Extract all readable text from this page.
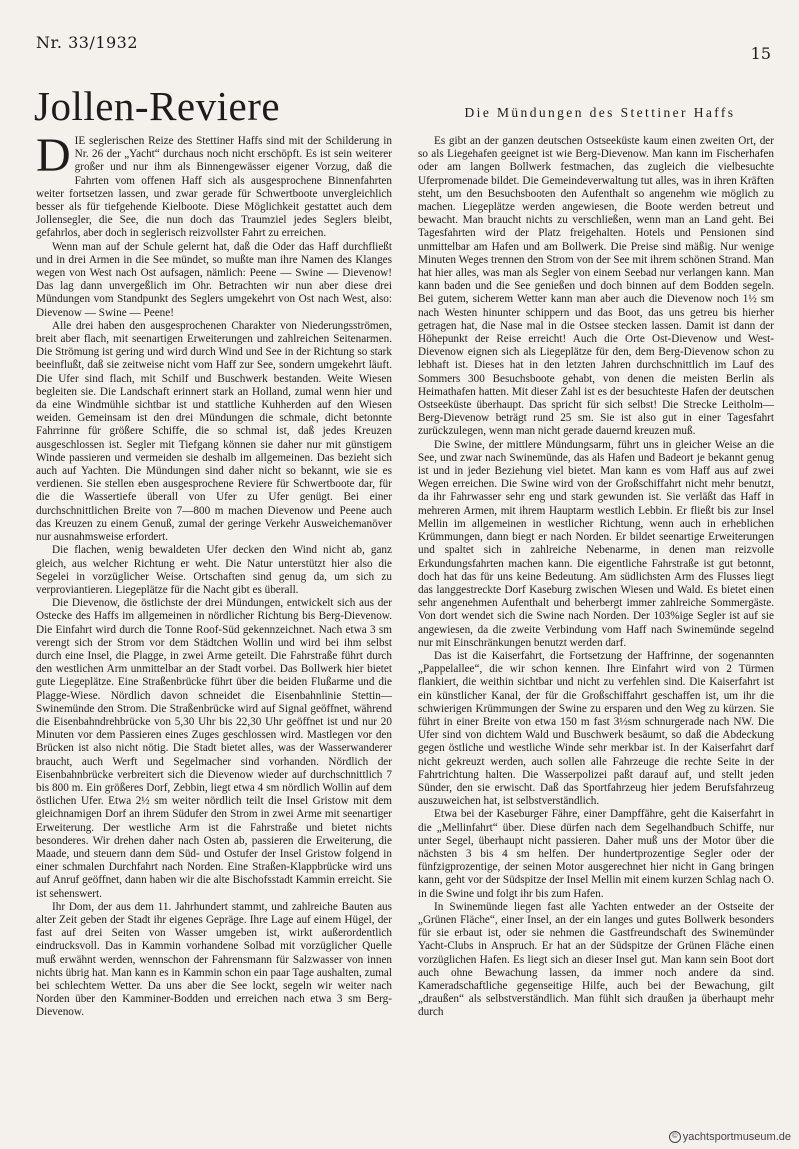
Nr. 33/1932
15
Jollen-Reviere	Die Mündungen des Stettiner Haffs
D IE seglerischen Reize des Stettiner Haffs sind mit der Schilderung in Nr. 26 der „Yacht“ durchaus noch nicht erschöpft. Es ist sein weiterer großer und nur ihm als Binnengewässer eigener Vorzug, daß die Fahrten vom offenen Haff sich als ausgesprochene Binnenfahrten weiter fortsetzen lassen, und zwar gerade für Schwertboote unvergleichlich besser als für tiefgehende Kielboote. Diese Möglichkeit gestattet auch dem Jollensegler, die See, die nun doch das Traumziel jedes Seglers bleibt, gefahrlos, aber doch in seglerisch reizvollster Fahrt zu erreichen.

Wenn man auf der Schule gelernt hat, daß die Oder das Haff durchfließt und in drei Armen in die See mündet, so mußte man ihre Namen des Klanges wegen von West nach Ost aufsagen, nämlich: Peene — Swine — Dievenow! Das lag dann unvergeßlich im Ohr. Betrachten wir nun aber diese drei Mündungen vom Standpunkt des Seglers umgekehrt von Ost nach West, also: Dievenow — Swine — Peene!

Alle drei haben den ausgesprochenen Charakter von Niederungsströmen, breit aber flach, mit seenartigen Erweiterungen und zahlreichen Seitenarmen. Die Strömung ist gering und wird durch Wind und See in der Richtung so stark beeinflußt, daß sie zeitweise nicht vom Haff zur See, sondern umgekehrt läuft. Die Ufer sind flach, mit Schilf und Buschwerk bestanden. Weite Wiesen begleiten sie. Die Landschaft erinnert stark an Holland, zumal wenn hier und da eine Windmühle sichtbar ist und stattliche Kuhherden auf den Wiesen weiden. Gemeinsam ist den drei Mündungen die schmale, dicht betonnte Fahrrinne für größere Schiffe, die so schmal ist, daß jedes Kreuzen ausgeschlossen ist. Segler mit Tiefgang können sie daher nur mit günstigem Winde passieren und vermeiden sie deshalb im allgemeinen. Das bezieht sich auch auf Yachten. Die Mündungen sind daher nicht so bekannt, wie sie es verdienen. Sie stellen eben ausgesprochene Reviere für Schwertboote dar, für die die Wassertiefe überall von Ufer zu Ufer genügt. Bei einer durchschnittlichen Breite von 7—800 m machen Dievenow und Peene auch das Kreuzen zu einem Genuß, zumal der geringe Verkehr Ausweichemanöver nur ausnahmsweise erfordert.

Die flachen, wenig bewaldeten Ufer decken den Wind nicht ab, ganz gleich, aus welcher Richtung er weht. Die Natur unterstützt hier also die Segelei in vorzüglicher Weise. Ortschaften sind genug da, um sich zu verproviantieren. Liegeplätze für die Nacht gibt es überall.

Die Dievenow, die östlichste der drei Mündungen, entwickelt sich aus der Ostecke des Haffs im allgemeinen in nördlicher Richtung bis Berg-Dievenow. Die Einfahrt wird durch die Tonne Roof-Süd gekennzeichnet. Nach etwa 3 sm verengt sich der Strom vor dem Städtchen Wollin und wird bei ihm selbst durch eine Insel, die Plagge, in zwei Arme geteilt. Die Fahrstraße führt durch den westlichen Arm unmittelbar an der Stadt vorbei. Das Bollwerk hier bietet gute Liegeplätze. Eine Straßenbrücke führt über die beiden Flußarme und die Plagge-Wiese. Nördlich davon schneidet die Eisenbahnlinie Stettin—Swinemünde den Strom. Die Straßenbrücke wird auf Signal geöffnet, während die Eisenbahndrehbrücke von 5,30 Uhr bis 22,30 Uhr geöffnet ist und nur 20 Minuten vor dem Passieren eines Zuges geschlossen wird. Mastlegen vor den Brücken ist also nicht nötig. Die Stadt bietet alles, was der Wasserwanderer braucht, auch Werft und Segelmacher sind vorhanden. Nördlich der Eisenbahnbrücke verbreitert sich die Dievenow wieder auf durchschnittlich 7 bis 800 m. Ein größeres Dorf, Zebbin, liegt etwa 4 sm nördlich Wollin auf dem östlichen Ufer. Etwa 2½ sm weiter nördlich teilt die Insel Gristow mit dem gleichnamigen Dorf an ihrem Südufer den Strom in zwei Arme mit seenartiger Erweiterung. Der westliche Arm ist die Fahrstraße und bietet nichts besonderes. Wir drehen daher nach Osten ab, passieren die Erweiterung, die Maade, und steuern dann dem Süd- und Ostufer der Insel Gristow folgend in einer schmalen Durchfahrt nach Norden. Eine Straßen-Klappbrücke wird uns auf Anruf geöffnet, dann haben wir die alte Bischofsstadt Kammin erreicht. Sie ist sehenswert.

Ihr Dom, der aus dem 11. Jahrhundert stammt, und zahlreiche Bauten aus alter Zeit geben der Stadt ihr eigenes Gepräge. Ihre Lage auf einem Hügel, der fast auf drei Seiten von Wasser umgeben ist, wirkt außerordentlich eindrucksvoll. Das in Kammin vorhandene Solbad mit vorzüglicher Quelle muß erwähnt werden, wennschon der Fahrensmann für Salzwasser von innen nichts übrig hat. Man kann es in Kammin schon ein paar Tage aushalten, zumal bei schlechtem Wetter. Da uns aber die See lockt, segeln wir weiter nach Norden über den Kamminer-Bodden und erreichen nach etwa 3 sm Berg-Dievenow.

Es gibt an der ganzen deutschen Ostseeküste kaum einen zweiten Ort, der so als Liegehafen geeignet ist wie Berg-Dievenow. Man kann im Fischerhafen oder am langen Bollwerk festmachen, das zugleich die vielbesuchte Uferpromenade bildet. Die Gemeindeverwaltung tut alles, was in ihren Kräften steht, um den Besuchsbooten den Aufenthalt so angenehm wie möglich zu machen. Liegeplätze werden angewiesen, die Boote werden betreut und bewacht. Man braucht nichts zu verschließen, wenn man an Land geht. Bei Tagesfahrten wird der Platz freigehalten. Hotels und Pensionen sind unmittelbar am Hafen und am Bollwerk. Die Preise sind mäßig. Nur wenige Minuten Weges trennen den Strom von der See mit ihrem schönen Strand. Man hat hier alles, was man als Segler von einem Seebad nur verlangen kann. Man kann baden und die See genießen und doch binnen auf dem Bodden segeln. Bei gutem, sicherem Wetter kann man aber auch die Dievenow noch 1½ sm nach Westen hinunter schippern und das Boot, das uns getreu bis hierher getragen hat, die Nase mal in die Ostsee stecken lassen. Damit ist dann der Höhepunkt der Reise erreicht! Auch die Orte Ost-Dievenow und West-Dievenow eignen sich als Liegeplätze für den, dem Berg-Dievenow schon zu lebhaft ist. Dieses hat in den letzten Jahren durchschnittlich im Lauf des Sommers 300 Besuchsboote gehabt, von denen die meisten Berlin als Heimathafen hatten. Mit dieser Zahl ist es der besuchteste Hafen der deutschen Ostseeküste überhaupt. Das spricht für sich selbst! Die Strecke Leitholm—Berg-Dievenow beträgt rund 25 sm. Sie ist also gut in einer Tagesfahrt zurückzulegen, wenn man nicht gerade dauernd kreuzen muß.

Die Swine, der mittlere Mündungsarm, führt uns in gleicher Weise an die See, und zwar nach Swinemünde, das als Hafen und Badeort je bekannt genug ist und in jeder Beziehung viel bietet. Man kann es vom Haff aus auf zwei Wegen erreichen. Die Swine wird von der Großschiffahrt nicht mehr benutzt, da ihr Fahrwasser sehr eng und stark gewunden ist. Sie verläßt das Haff in mehreren Armen, mit ihrem Hauptarm westlich Lebbin. Er fließt bis zur Insel Mellin im allgemeinen in westlicher Richtung, wenn auch in erheblichen Krümmungen, dann biegt er nach Norden. Er bildet seenartige Erweiterungen und spaltet sich in zahlreiche Nebenarme, in denen man reizvolle Erkundungsfahrten machen kann. Die eigentliche Fahrstraße ist gut betonnt, doch hat das für uns keine Bedeutung. Am südlichsten Arm des Flusses liegt das langgestreckte Dorf Kaseburg zwischen Wiesen und Wald. Es bietet einen sehr angenehmen Aufenthalt und beherbergt immer zahlreiche Sommergäste. Von dort wendet sich die Swine nach Norden. Der 103%ige Segler ist auf sie angewiesen, da die zweite Verbindung vom Haff nach Swinemünde segelnd nur mit Einschränkungen benutzt werden darf.

Das ist die Kaiserfahrt, die Fortsetzung der Haffrinne, der sogenannten „Pappelallee“, die wir schon kennen. Ihre Einfahrt wird von 2 Türmen flankiert, die weithin sichtbar und nicht zu verfehlen sind. Die Kaiserfahrt ist ein künstlicher Kanal, der für die Großschiffahrt geschaffen ist, um ihr die schwierigen Krümmungen der Swine zu ersparen und den Weg zu kürzen. Sie führt in einer Breite von etwa 150 m fast 3½sm schnurgerade nach NW. Die Ufer sind von dichtem Wald und Buschwerk besäumt, so daß die Abdeckung gegen östliche und westliche Winde sehr merkbar ist. In der Kaiserfahrt darf nicht gekreuzt werden, auch sollen alle Fahrzeuge die rechte Seite in der Fahrtrichtung halten. Die Wasserpolizei paßt darauf auf, und stellt jeden Sünder, den sie erwischt. Daß das Sportfahrzeug hier jedem Berufsfahrzeug auszuweichen hat, ist selbstverständlich.

Etwa bei der Kaseburger Fähre, einer Dampffähre, geht die Kaiserfahrt in die „Mellinfahrt“ über. Diese dürfen nach dem Segelhandbuch Schiffe, nur unter Segel, überhaupt nicht passieren. Daher muß uns der Motor über die nächsten 3 bis 4 sm helfen. Der hundertprozentige Segler oder der fünfzigprozentige, der seinen Motor ausgerechnet hier nicht in Gang bringen kann, geht vor der Südspitze der Insel Mellin mit einem kurzen Schlag nach O. in die Swine und folgt ihr bis zum Hafen.

In Swinemünde liegen fast alle Yachten entweder an der Ostseite der „Grünen Fläche“, einer Insel, an der ein langes und gutes Bollwerk besonders für sie erbaut ist, oder sie nehmen die Gastfreundschaft des Swinemünder Yacht-Clubs in Anspruch. Er hat an der Südspitze der Grünen Fläche einen vorzüglichen Hafen. Es liegt sich an dieser Insel gut. Man kann sein Boot dort auch ohne Bewachung lassen, da immer noch andere da sind. Kameradschaftliche gegenseitige Hilfe, auch bei der Bewachung, gilt „draußen“ als selbstverständlich. Man fühlt sich draußen ja überhaupt mehr durch

© yachtsportmuseum.de
